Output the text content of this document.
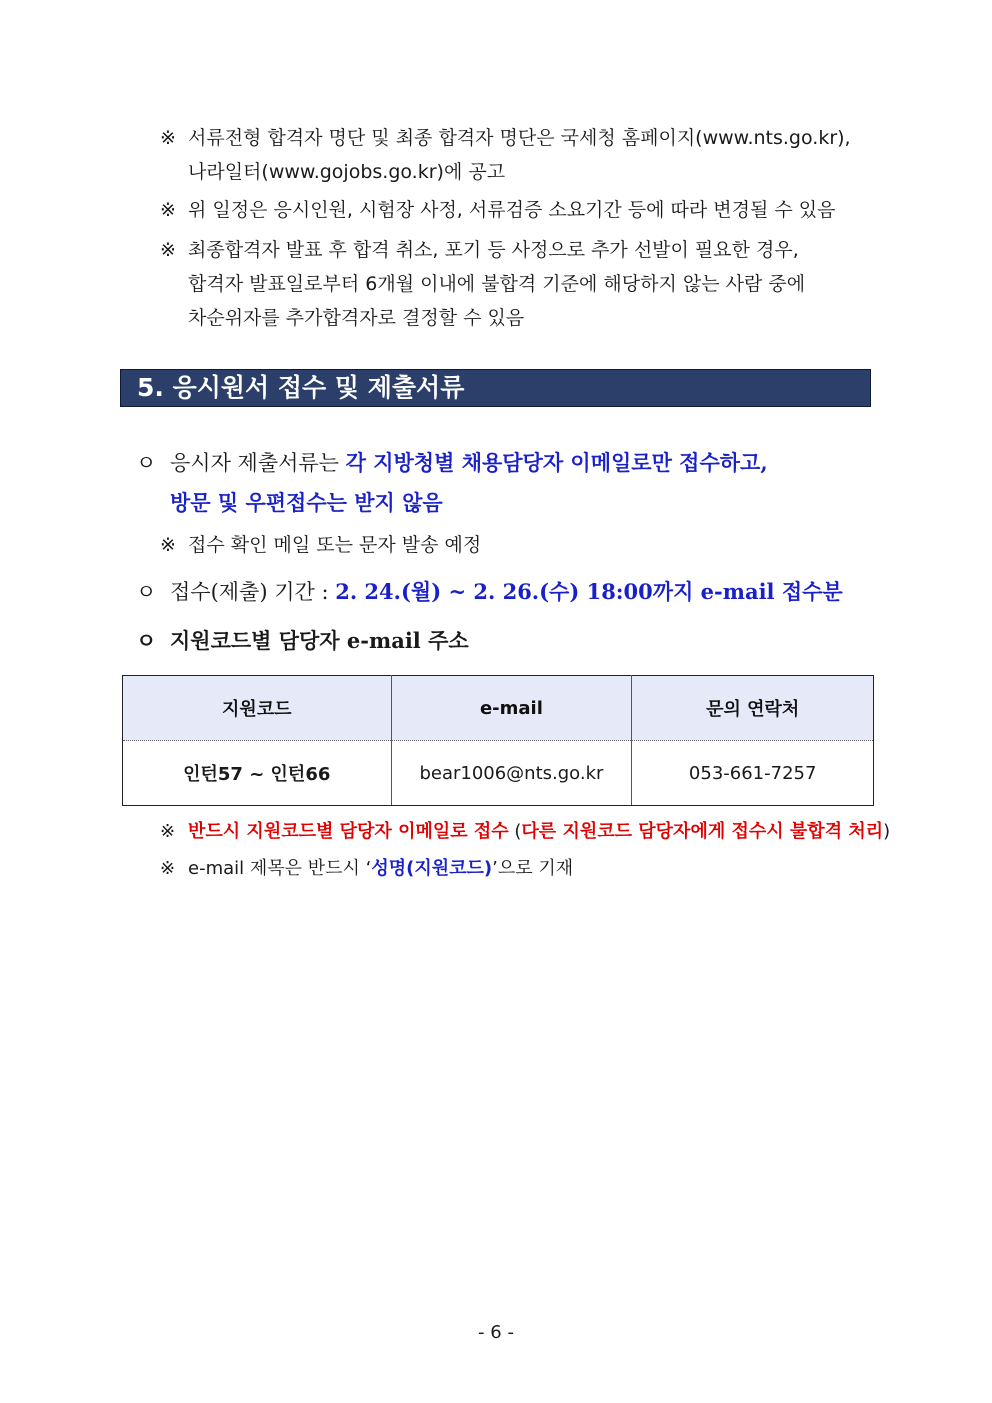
※ 서류전형 합격자 명단 및 최종 합격자 명단은 국세청 홈페이지(www.nts.go.kr),
나라일터(www.gojobs.go.kr)에 공고
※ 위 일정은 응시인원, 시험장 사정, 서류검증 소요기간 등에 따라 변경될 수 있음
※ 최종합격자 발표 후 합격 취소, 포기 등 사정으로 추가 선발이 필요한 경우,
합격자 발표일로부터 6개월 이내에 불합격 기준에 해당하지 않는 사람 중에
차순위자를 추가합격자로 결정할 수 있음
5. 응시원서 접수 및 제출서류
ㅇ 응시자 제출서류는 각 지방청별 채용담당자 이메일로만 접수하고,
방문 및 우편접수는 받지 않음
※ 접수 확인 메일 또는 문자 발송 예정
ㅇ 접수(제출) 기간 : 2. 24.(월) ~ 2. 26.(수) 18:00까지 e-mail 접수분
ㅇ 지원코드별 담당자 e-mail 주소
지원코드	e-mail	문의 연락처
인턴57 ~ 인턴66	bear1006@nts.go.kr	053-661-7257
※ 반드시 지원코드별 담당자 이메일로 접수 (다른 지원코드 담당자에게 접수시 불합격 처리)
※ e-mail 제목은 반드시 ‘성명(지원코드)’으로 기재
- 6 -
